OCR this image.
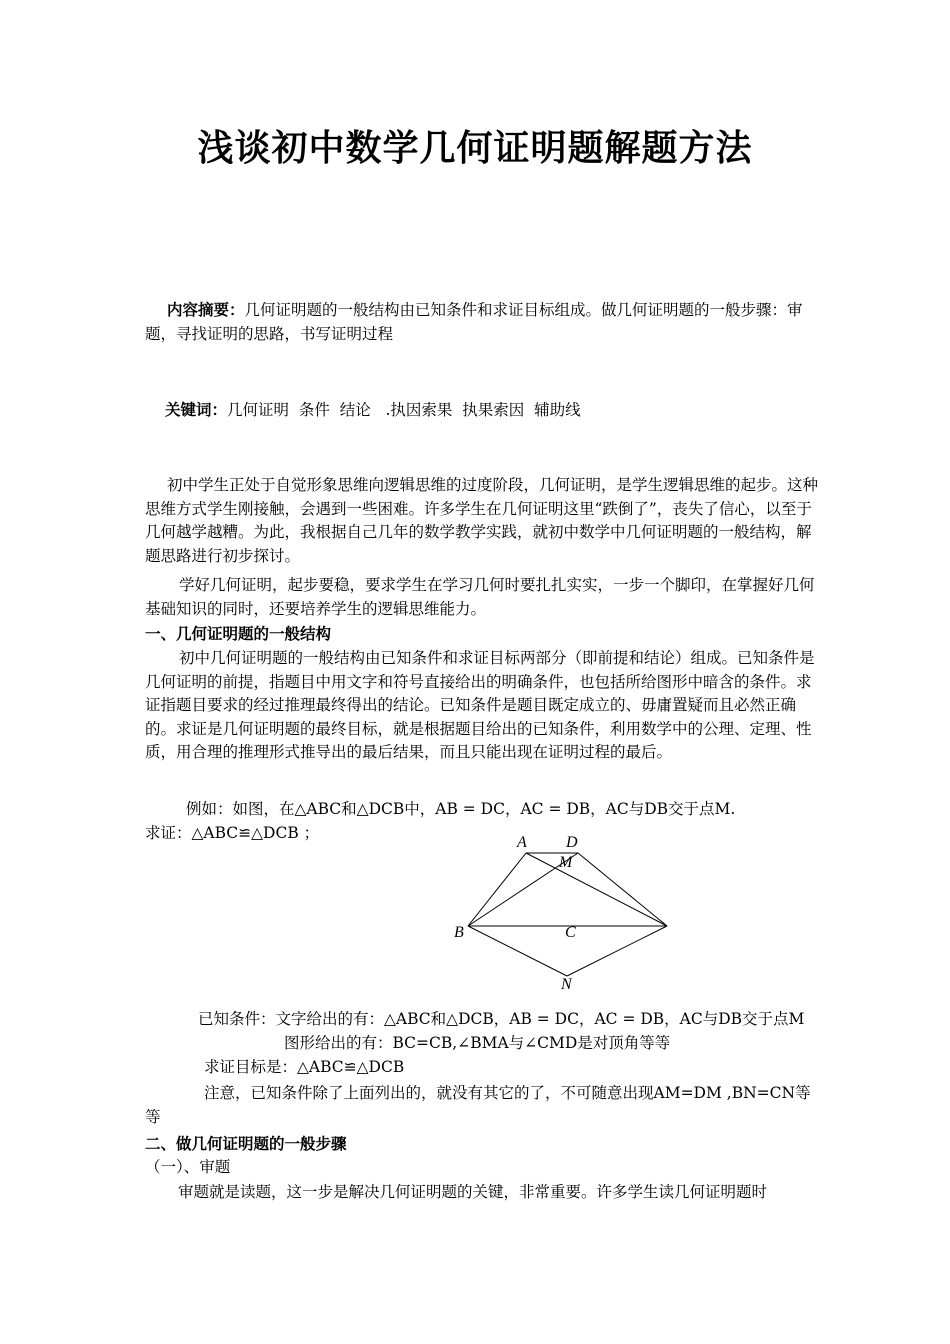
浅谈初中数学几何证明题解题方法
内容摘要：几何证明题的一般结构由已知条件和求证目标组成。做几何证明题的一般步骤：审题，寻找证明的思路，书写证明过程
关键词：几何证明  条件  结论   .执因索果  执果索因  辅助线
初中学生正处于自觉形象思维向逻辑思维的过度阶段，几何证明，是学生逻辑思维的起步。这种思维方式学生刚接触，会遇到一些困难。许多学生在几何证明这里“跌倒了”，丧失了信心，以至于几何越学越糟。为此，我根据自己几年的数学教学实践，就初中数学中几何证明题的一般结构，解题思路进行初步探讨。
学好几何证明，起步要稳，要求学生在学习几何时要扎扎实实，一步一个脚印，在掌握好几何基础知识的同时，还要培养学生的逻辑思维能力。
一、几何证明题的一般结构
初中几何证明题的一般结构由已知条件和求证目标两部分（即前提和结论）组成。已知条件是几何证明的前提，指题目中用文字和符号直接给出的明确条件，也包括所给图形中暗含的条件。求证指题目要求的经过推理最终得出的结论。已知条件是题目既定成立的、毋庸置疑而且必然正确的。求证是几何证明题的最终目标，就是根据题目给出的已知条件，利用数学中的公理、定理、性质，用合理的推理形式推导出的最后结果，而且只能出现在证明过程的最后。
例如：如图，在△ABC和△DCB中，AB = DC，AC = DB，AC与DB交于点M.
求证：△ABC≌△DCB ；
A D
M
B	C
N
已知条件：文字给出的有：△ABC和△DCB，AB = DC，AC = DB，AC与DB交于点M
图形给出的有：BC=CB,∠BMA与∠CMD是对顶角等等
求证目标是：△ABC≌△DCB
注意，已知条件除了上面列出的，就没有其它的了，不可随意出现AM=DM ,BN=CN等
等
二、做几何证明题的一般步骤
（一）、审题
审题就是读题，这一步是解决几何证明题的关键，非常重要。许多学生读几何证明题时
